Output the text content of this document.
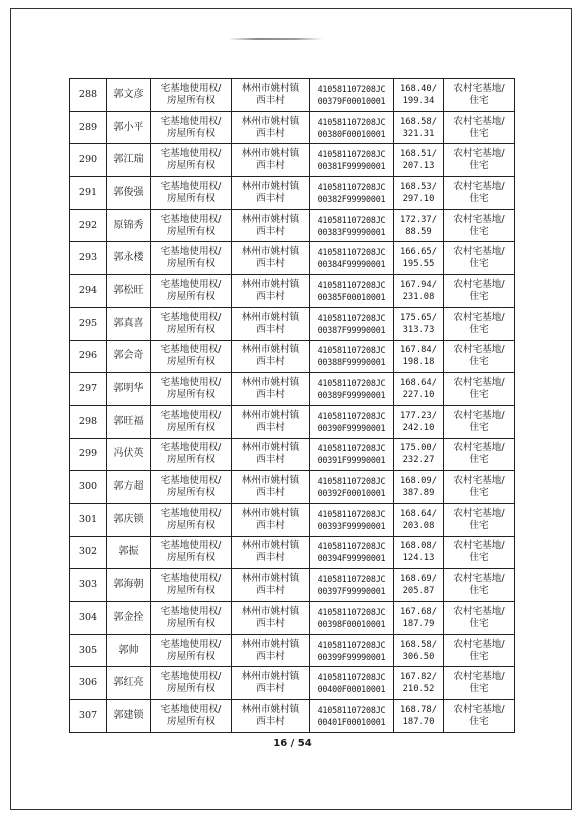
288	郭文彦	宅基地使用权/
房屋所有权	林州市姚村镇
西丰村	410581107208JC
00379F00010001	168.40/
199.34	农村宅基地/
住宅
289	郭小平	宅基地使用权/
房屋所有权	林州市姚村镇
西丰村	410581107208JC
00380F00010001	168.58/
321.31	农村宅基地/
住宅
290	郭江瑞	宅基地使用权/
房屋所有权	林州市姚村镇
西丰村	410581107208JC
00381F99990001	168.51/
207.13	农村宅基地/
住宅
291	郭俊强	宅基地使用权/
房屋所有权	林州市姚村镇
西丰村	410581107208JC
00382F99990001	168.53/
297.10	农村宅基地/
住宅
292	原锦秀	宅基地使用权/
房屋所有权	林州市姚村镇
西丰村	410581107208JC
00383F99990001	172.37/
88.59	农村宅基地/
住宅
293	郭永楼	宅基地使用权/
房屋所有权	林州市姚村镇
西丰村	410581107208JC
00384F99990001	166.65/
195.55	农村宅基地/
住宅
294	郭松旺	宅基地使用权/
房屋所有权	林州市姚村镇
西丰村	410581107208JC
00385F00010001	167.94/
231.08	农村宅基地/
住宅
295	郭真喜	宅基地使用权/
房屋所有权	林州市姚村镇
西丰村	410581107208JC
00387F99990001	175.65/
313.73	农村宅基地/
住宅
296	郭会奇	宅基地使用权/
房屋所有权	林州市姚村镇
西丰村	410581107208JC
00388F99990001	167.84/
198.18	农村宅基地/
住宅
297	郭明华	宅基地使用权/
房屋所有权	林州市姚村镇
西丰村	410581107208JC
00389F99990001	168.64/
227.10	农村宅基地/
住宅
298	郭旺福	宅基地使用权/
房屋所有权	林州市姚村镇
西丰村	410581107208JC
00390F99990001	177.23/
242.10	农村宅基地/
住宅
299	冯伏英	宅基地使用权/
房屋所有权	林州市姚村镇
西丰村	410581107208JC
00391F99990001	175.00/
232.27	农村宅基地/
住宅
300	郭方超	宅基地使用权/
房屋所有权	林州市姚村镇
西丰村	410581107208JC
00392F00010001	168.09/
387.89	农村宅基地/
住宅
301	郭庆锁	宅基地使用权/
房屋所有权	林州市姚村镇
西丰村	410581107208JC
00393F99990001	168.64/
203.08	农村宅基地/
住宅
302	郭振	宅基地使用权/
房屋所有权	林州市姚村镇
西丰村	410581107208JC
00394F99990001	168.08/
124.13	农村宅基地/
住宅
303	郭海朝	宅基地使用权/
房屋所有权	林州市姚村镇
西丰村	410581107208JC
00397F99990001	168.69/
205.87	农村宅基地/
住宅
304	郭金拴	宅基地使用权/
房屋所有权	林州市姚村镇
西丰村	410581107208JC
00398F00010001	167.68/
187.79	农村宅基地/
住宅
305	郭帅	宅基地使用权/
房屋所有权	林州市姚村镇
西丰村	410581107208JC
00399F99990001	168.58/
306.50	农村宅基地/
住宅
306	郭红亮	宅基地使用权/
房屋所有权	林州市姚村镇
西丰村	410581107208JC
00400F00010001	167.82/
210.52	农村宅基地/
住宅
307	郭建锁	宅基地使用权/
房屋所有权	林州市姚村镇
西丰村	410581107208JC
00401F00010001	168.78/
187.70	农村宅基地/
住宅
16 / 54
